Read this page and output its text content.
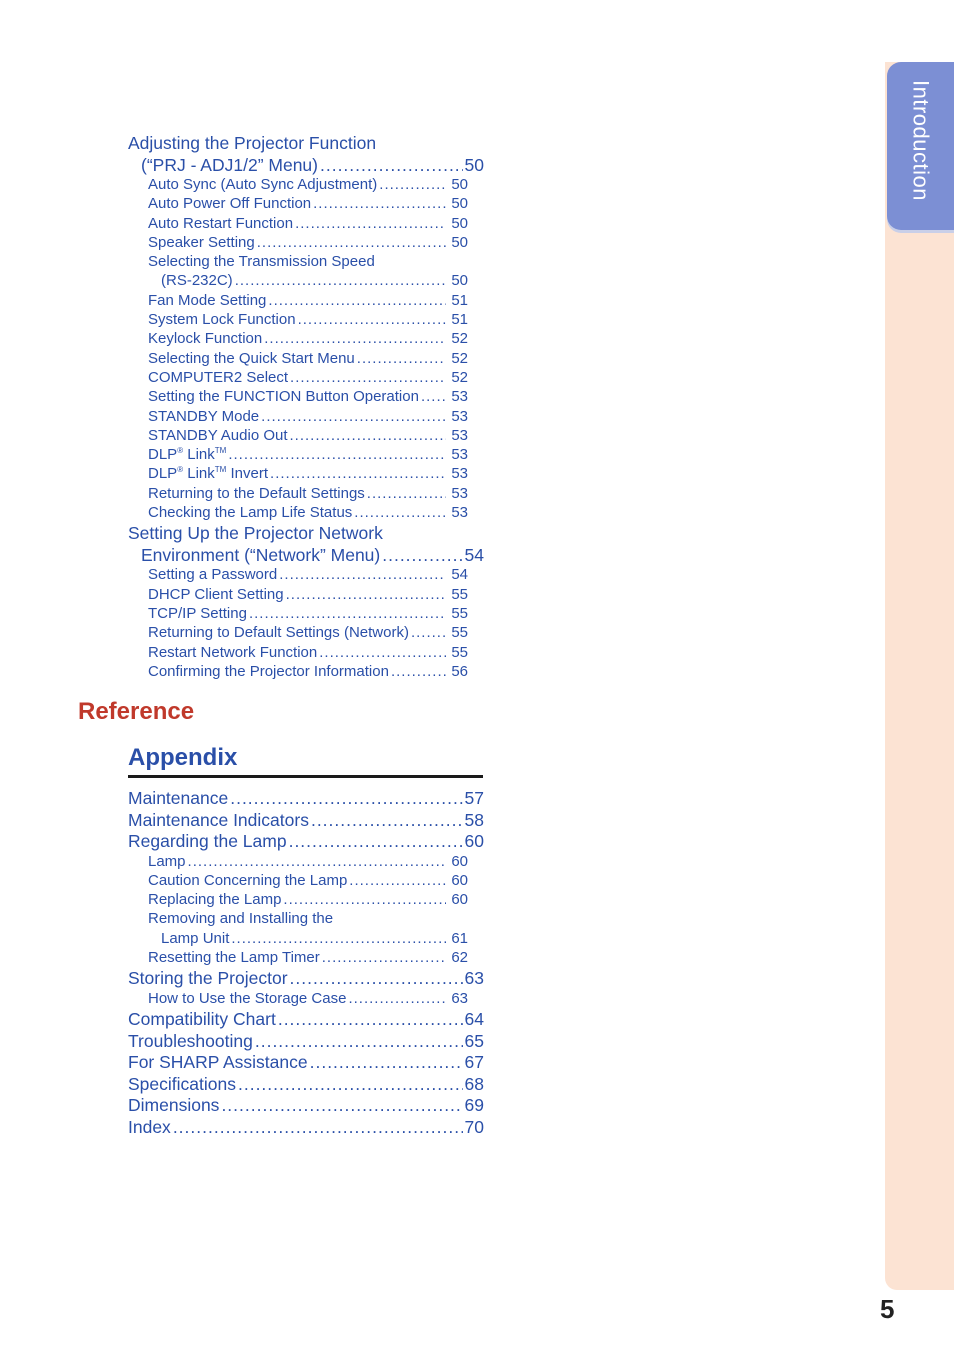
Introduction
Adjusting the Projector Function
(“PRJ - ADJ1/2” Menu) .....	50
Auto Sync (Auto Sync Adjustment) .....	50
Auto Power Off Function .....	50
Auto Restart Function .....	50
Speaker Setting .....	50
Selecting the Transmission Speed
(RS-232C) .....	50
Fan Mode Setting .....	51
System Lock Function .....	51
Keylock Function .....	52
Selecting the Quick Start Menu .....	52
COMPUTER2 Select .....	52
Setting the FUNCTION Button Operation ..... 53
STANDBY Mode .....	53
STANDBY Audio Out .....	53
DLP® Link™ .....	53
DLP® Link™ Invert .....	53
Returning to the Default Settings .....	53
Checking the Lamp Life Status .....	53
Setting Up the Projector Network
Environment (“Network” Menu) .....	54
Setting a Password .....	54
DHCP Client Setting .....	55
TCP/IP Setting .....	55
Returning to Default Settings (Network) .....	55
Restart Network Function .....	55
Confirming the Projector Information .....	56
Reference
Appendix
Maintenance .....	57
Maintenance Indicators .....	58
Regarding the Lamp .....	60
Lamp .....	60
Caution Concerning the Lamp .....	60
Replacing the Lamp .....	60
Removing and Installing the
Lamp Unit .....	61
Resetting the Lamp Timer .....	62
Storing the Projector .....	63
How to Use the Storage Case .....	63
Compatibility Chart .....	64
Troubleshooting .....	65
For SHARP Assistance .....	67
Specifications .....	68
Dimensions .....	69
Index .....	70
5
